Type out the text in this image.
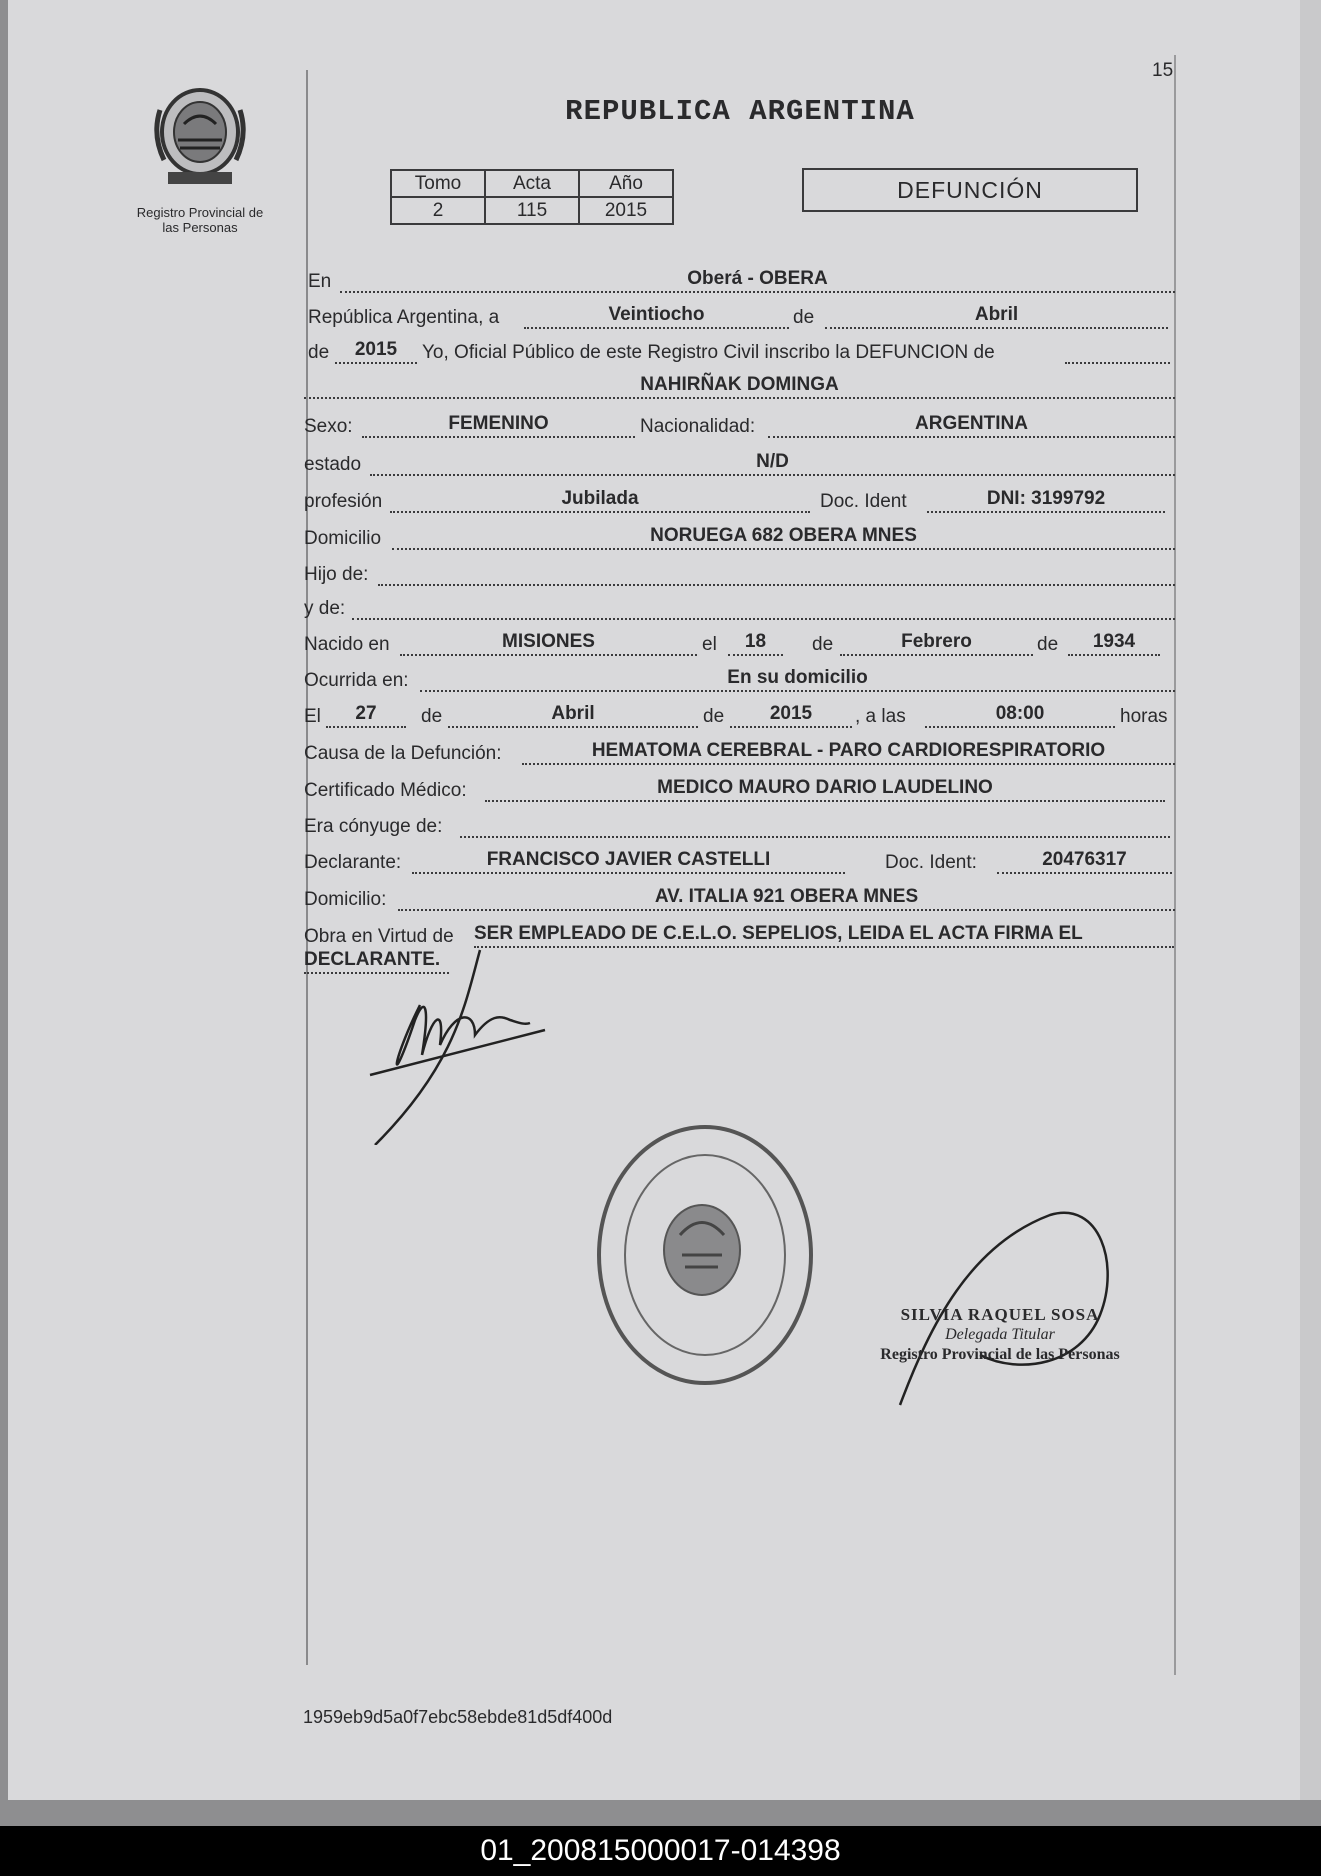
Registro Provincial de
las Personas
15
REPUBLICA ARGENTINA
Tomo	Acta	Año
2	115	2015
DEFUNCIÓN
En	Oberá - OBERA
República Argentina, a	Veintiocho	de	Abril
de	2015	Yo, Oficial Público de este Registro Civil inscribo la DEFUNCION de
NAHIRÑAK DOMINGA
Sexo:	FEMENINO	Nacionalidad:	ARGENTINA
estado	N/D
profesión	Jubilada	Doc. Ident	DNI: 3199792
Domicilio	NORUEGA 682 OBERA MNES
Hijo de:
y de:
Nacido en	MISIONES	el	18	de	Febrero	de	1934
Ocurrida en:	En su domicilio
El	27	de	Abril	de	2015	, a las	08:00	horas
Causa de la Defunción:	HEMATOMA CEREBRAL - PARO CARDIORESPIRATORIO
Certificado Médico:	MEDICO MAURO DARIO LAUDELINO
Era cónyuge de:
Declarante:	FRANCISCO JAVIER CASTELLI	Doc. Ident:	20476317
Domicilio:	AV. ITALIA 921 OBERA MNES
Obra en Virtud de SER EMPLEADO DE C.E.L.O. SEPELIOS, LEIDA EL ACTA FIRMA EL
DECLARANTE.
SILVIA RAQUEL SOSA
Delegada Titular
Registro Provincial de las Personas
1959eb9d5a0f7ebc58ebde81d5df400d
01_200815000017-014398
